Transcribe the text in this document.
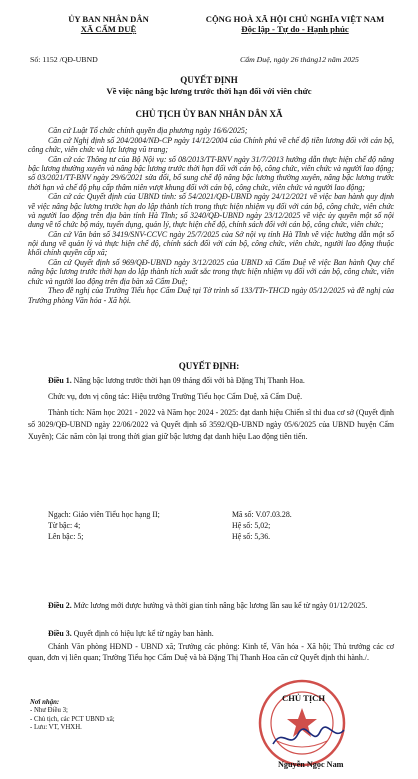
ỦY BAN NHÂN DÂN
XÃ CẨM DUỆ
CỘNG HOÀ XÃ HỘI CHỦ NGHĨA VIỆT NAM
Độc lập - Tự do - Hạnh phúc
Số: 1152 /QĐ-UBND	Cẩm Duệ, ngày 26 tháng12 năm 2025
QUYẾT ĐỊNH
Về việc nâng bậc lương trước thời hạn đối với viên chức
CHỦ TỊCH ỦY BAN NHÂN DÂN XÃ

Căn cứ Luật Tổ chức chính quyền địa phương ngày 16/6/2025;

Căn cứ Nghị định số 204/2004/NĐ-CP ngày 14/12/2004 của Chính phủ về chế độ tiền lương đối với cán bộ, công chức, viên chức và lực lượng vũ trang;

Căn cứ các Thông tư của Bộ Nội vụ: số 08/2013/TT-BNV ngày 31/7/2013 hướng dẫn thực hiện chế độ nâng bậc lương thường xuyên và nâng bậc lương trước thời hạn đối với cán bộ, công chức, viên chức và người lao động; số 03/2021/TT-BNV ngày 29/6/2021 sửa đổi, bổ sung chế độ nâng bậc lương thường xuyên, nâng bậc lương trước thời hạn và chế độ phụ cấp thâm niên vượt khung đối với cán bộ, công chức, viên chức và người lao động;

Căn cứ các Quyết định của UBND tỉnh: số 54/2021/QĐ-UBND ngày 24/12/2021 về việc ban hành quy định về việc nâng bậc lương trước hạn do lập thành tích trong thực hiện nhiệm vụ đối với cán bộ, công chức, viên chức và người lao động trên địa bàn tỉnh Hà Tĩnh; số 3240/QĐ-UBND ngày 23/12/2025 về việc ủy quyền một số nội dung về tổ chức bộ máy, tuyển dụng, quản lý, thực hiện chế độ, chính sách đối với cán bộ, công chức, viên chức;

Căn cứ Văn bản số 3419/SNV-CCVC ngày 25/7/2025 của Sở nội vụ tỉnh Hà Tĩnh về việc hướng dẫn một số nội dung về quản lý và thực hiện chế độ, chính sách đối với cán bộ, công chức, viên chức, người lao động thuộc khối chính quyền cấp xã;

Căn cứ Quyết định số 969/QĐ-UBND ngày 3/12/2025 của UBND xã Cẩm Duệ về việc Ban hành Quy chế nâng bậc lương trước thời hạn do lập thành tích xuất sắc trong thực hiện nhiệm vụ đối với cán bộ, công chức, viên chức và người lao động trên địa bàn xã Cẩm Duệ;

Theo đề nghị của Trường Tiểu học Cẩm Duệ tại Tờ trình số 133/TTr-THCD ngày 05/12/2025 và đề nghị của Trưởng phòng Văn hóa - Xã hội.

QUYẾT ĐỊNH:

Điều 1. Nâng bậc lương trước thời hạn 09 tháng đối với bà Đặng Thị Thanh Hoa.

Chức vụ, đơn vị công tác: Hiệu trưởng Trường Tiểu học Cẩm Duệ, xã Cẩm Duệ.

Thành tích: Năm học 2021 - 2022 và Năm học 2024 - 2025: đạt danh hiệu Chiến sĩ thi đua cơ sở (Quyết định số 3029/QĐ-UBND ngày 22/06/2022 và Quyết định số 3592/QĐ-UBND ngày 05/6/2025 của UBND huyện Cẩm Xuyên); Các năm còn lại trong thời gian giữ bậc lương đạt danh hiệu Lao động tiên tiến.

Ngạch: Giáo viên Tiểu học hạng II;	Mã số: V.07.03.28.
Từ bậc: 4;	Hệ số: 5,02;
Lên bậc: 5;	Hệ số: 5,36.

Điều 2. Mức lương mới được hưởng và thời gian tính nâng bậc lương lần sau kể từ ngày 01/12/2025.

Điều 3. Quyết định có hiệu lực kể từ ngày ban hành.

Chánh Văn phòng HĐND - UBND xã; Trưởng các phòng: Kinh tế, Văn hóa - Xã hội; Thủ trưởng các cơ quan, đơn vị liên quan; Trường Tiểu học Cẩm Duệ và bà Đặng Thị Thanh Hoa căn cứ Quyết định thi hành./.

Nơi nhận:
- Như Điều 3;
- Chủ tịch, các PCT UBND xã;
- Lưu: VT, VHXH.
CHỦ TỊCH
Nguyễn Ngọc Nam
